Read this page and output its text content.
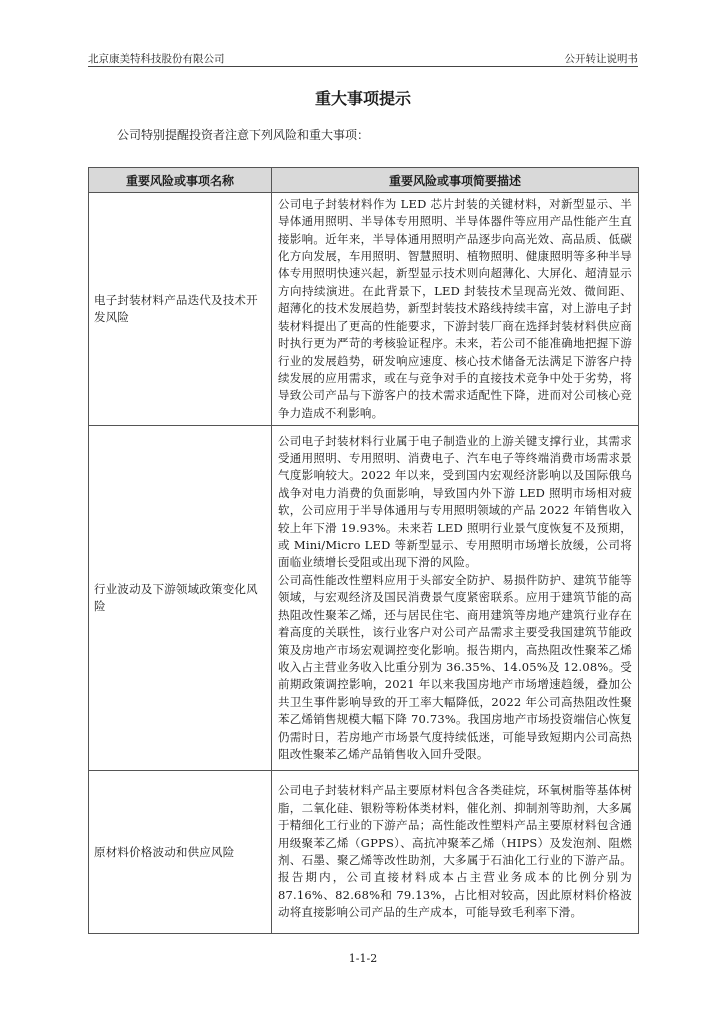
北京康美特科技股份有限公司	公开转让说明书
重大事项提示
公司特别提醒投资者注意下列风险和重大事项：
重要风险或事项名称	重要风险或事项简要描述
电子封装材料产品迭代及技术开发风险	公司电子封装材料作为 LED 芯片封装的关键材料，对新型显示、半导体通用照明、半导体专用照明、半导体器件等应用产品性能产生直接影响。近年来，半导体通用照明产品逐步向高光效、高品质、低碳化方向发展，车用照明、智慧照明、植物照明、健康照明等多种半导体专用照明快速兴起，新型显示技术则向超薄化、大屏化、超清显示方向持续演进。在此背景下，LED 封装技术呈现高光效、微间距、超薄化的技术发展趋势，新型封装技术路线持续丰富，对上游电子封装材料提出了更高的性能要求，下游封装厂商在选择封装材料供应商时执行更为严苛的考核验证程序。未来，若公司不能准确地把握下游行业的发展趋势，研发响应速度、核心技术储备无法满足下游客户持续发展的应用需求，或在与竞争对手的直接技术竞争中处于劣势，将导致公司产品与下游客户的技术需求适配性下降，进而对公司核心竞争力造成不利影响。

行业波动及下游领域政策变化风险	公司电子封装材料行业属于电子制造业的上游关键支撑行业，其需求受通用照明、专用照明、消费电子、汽车电子等终端消费市场需求景气度影响较大。2022 年以来，受到国内宏观经济影响以及国际俄乌战争对电力消费的负面影响，导致国内外下游 LED 照明市场相对疲软，公司应用于半导体通用与专用照明领域的产品 2022 年销售收入较上年下滑 19.93%。未来若 LED 照明行业景气度恢复不及预期，或 Mini/Micro LED 等新型显示、专用照明市场增长放缓，公司将面临业绩增长受阻或出现下滑的风险。
公司高性能改性塑料应用于头部安全防护、易损件防护、建筑节能等领域，与宏观经济及国民消费景气度紧密联系。应用于建筑节能的高热阻改性聚苯乙烯，还与居民住宅、商用建筑等房地产建筑行业存在着高度的关联性，该行业客户对公司产品需求主要受我国建筑节能政策及房地产市场宏观调控变化影响。报告期内，高热阻改性聚苯乙烯收入占主营业务收入比重分别为 36.35%、14.05%及 12.08%。受前期政策调控影响，2021 年以来我国房地产市场增速趋缓，叠加公共卫生事件影响导致的开工率大幅降低，2022 年公司高热阻改性聚苯乙烯销售规模大幅下降 70.73%。我国房地产市场投资端信心恢复仍需时日，若房地产市场景气度持续低迷，可能导致短期内公司高热阻改性聚苯乙烯产品销售收入回升受限。

原材料价格波动和供应风险	公司电子封装材料产品主要原材料包含各类硅烷，环氧树脂等基体树脂，二氧化硅、银粉等粉体类材料，催化剂、抑制剂等助剂，大多属于精细化工行业的下游产品；高性能改性塑料产品主要原材料包含通用级聚苯乙烯（GPPS）、高抗冲聚苯乙烯（HIPS）及发泡剂、阻燃剂、石墨、聚乙烯等改性助剂，大多属于石油化工行业的下游产品。报告期内，公司直接材料成本占主营业务成本的比例分别为 87.16%、82.68%和 79.13%，占比相对较高，因此原材料价格波动将直接影响公司产品的生产成本，可能导致毛利率下滑。
1-1-2
